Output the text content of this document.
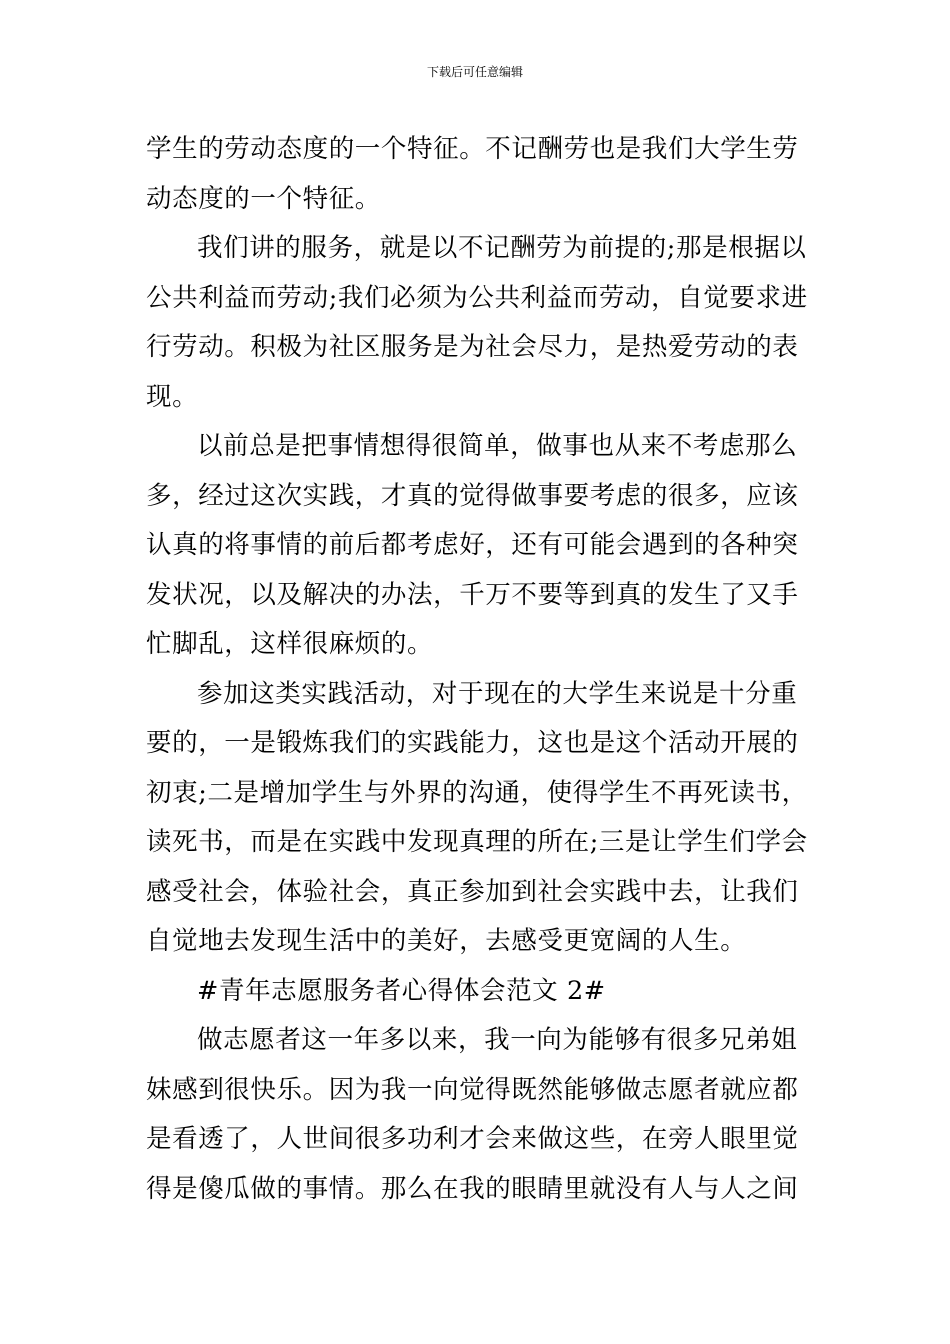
下载后可任意编辑
学生的劳动态度的一个特征。不记酬劳也是我们大学生劳
动态度的一个特征。
我们讲的服务，就是以不记酬劳为前提的;那是根据以
公共利益而劳动;我们必须为公共利益而劳动，自觉要求进
行劳动。积极为社区服务是为社会尽力，是热爱劳动的表
现。
以前总是把事情想得很简单，做事也从来不考虑那么
多，经过这次实践，才真的觉得做事要考虑的很多，应该
认真的将事情的前后都考虑好，还有可能会遇到的各种突
发状况，以及解决的办法，千万不要等到真的发生了又手
忙脚乱，这样很麻烦的。
参加这类实践活动，对于现在的大学生来说是十分重
要的，一是锻炼我们的实践能力，这也是这个活动开展的
初衷;二是增加学生与外界的沟通，使得学生不再死读书，
读死书，而是在实践中发现真理的所在;三是让学生们学会
感受社会，体验社会，真正参加到社会实践中去，让我们
自觉地去发现生活中的美好，去感受更宽阔的人生。
#青年志愿服务者心得体会范文 2#
做志愿者这一年多以来，我一向为能够有很多兄弟姐
妹感到很快乐。因为我一向觉得既然能够做志愿者就应都
是看透了，人世间很多功利才会来做这些，在旁人眼里觉
得是傻瓜做的事情。那么在我的眼睛里就没有人与人之间
